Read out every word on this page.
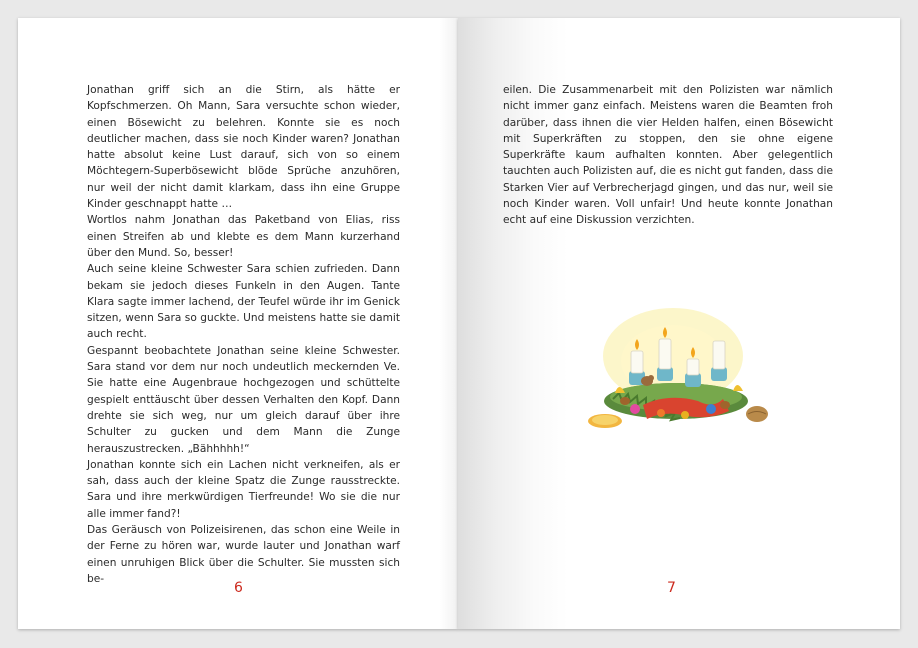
Jonathan griff sich an die Stirn, als hätte er Kopfschmerzen. Oh Mann, Sara versuchte schon wieder, einen Bösewicht zu belehren. Konnte sie es noch deutlicher machen, dass sie noch Kinder waren? Jonathan hatte absolut keine Lust darauf, sich von so einem Möchtegern-Superbösewicht blöde Sprüche anzuhören, nur weil der nicht damit klarkam, dass ihn eine Gruppe Kinder geschnappt hatte …

Wortlos nahm Jonathan das Paketband von Elias, riss einen Streifen ab und klebte es dem Mann kurzerhand über den Mund. So, besser!

Auch seine kleine Schwester Sara schien zufrieden. Dann bekam sie jedoch dieses Funkeln in den Augen. Tante Klara sagte immer lachend, der Teufel würde ihr im Genick sitzen, wenn Sara so guckte. Und meistens hatte sie damit auch recht.

Gespannt beobachtete Jonathan seine kleine Schwester. Sara stand vor dem nur noch undeutlich meckernden Ve. Sie hatte eine Augenbraue hochgezogen und schüttelte gespielt enttäuscht über dessen Verhalten den Kopf. Dann drehte sie sich weg, nur um gleich darauf über ihre Schulter zu gucken und dem Mann die Zunge herauszustrecken. „Bähhhhh!“

Jonathan konnte sich ein Lachen nicht verkneifen, als er sah, dass auch der kleine Spatz die Zunge rausstreckte. Sara und ihre merkwürdigen Tierfreunde! Wo sie die nur alle immer fand?!

Das Geräusch von Polizeisirenen, das schon eine Weile in der Ferne zu hören war, wurde lauter und Jonathan warf einen unruhigen Blick über die Schulter. Sie mussten sich be-

6

eilen. Die Zusammenarbeit mit den Polizisten war nämlich nicht immer ganz einfach. Meistens waren die Beamten froh darüber, dass ihnen die vier Helden halfen, einen Bösewicht mit Superkräften zu stoppen, den sie ohne eigene Superkräfte kaum aufhalten konnten. Aber gelegentlich tauchten auch Polizisten auf, die es nicht gut fanden, dass die Starken Vier auf Verbrecherjagd gingen, und das nur, weil sie noch Kinder waren. Voll unfair! Und heute konnte Jonathan echt auf eine Diskussion verzichten.

7
